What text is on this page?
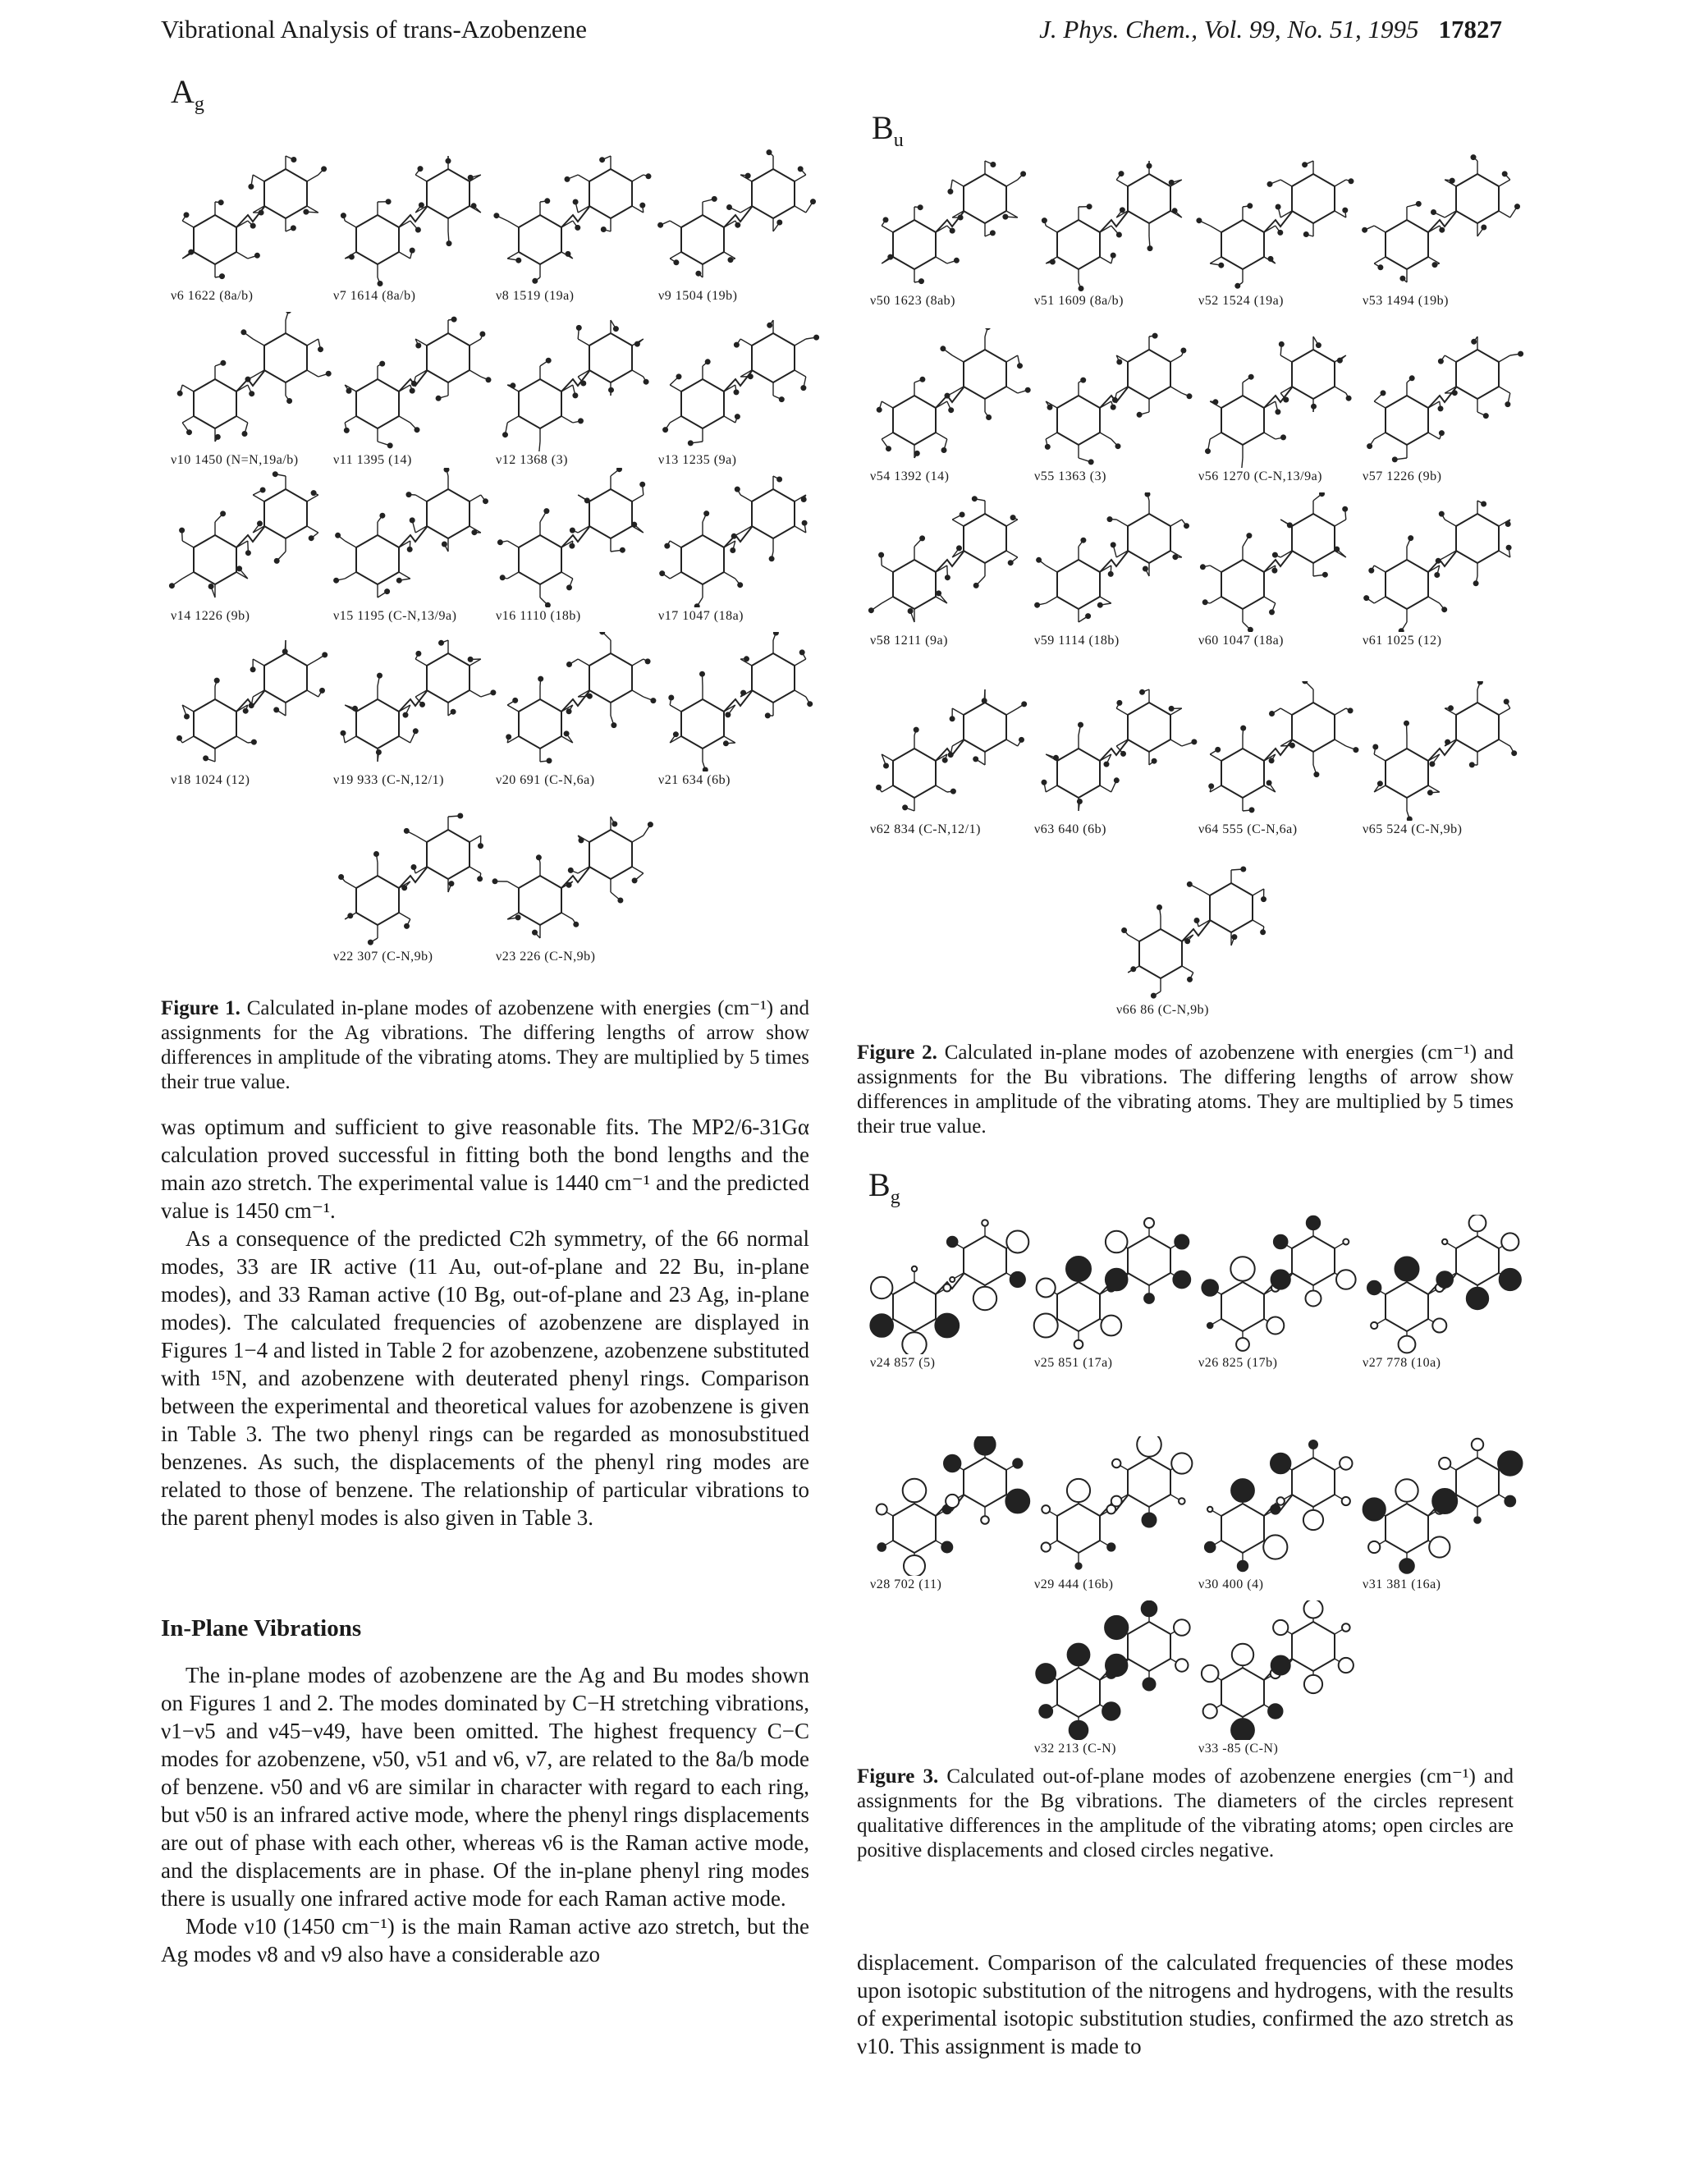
Vibrational Analysis of trans-Azobenzene	J. Phys. Chem., Vol. 99, No. 51, 1995 17827
$A_g$
ν6 1622 (8a/b)	ν7 1614 (8a/b)	ν8 1519 (19a)	ν9 1504 (19b)
ν10 1450 (N=N,19a/b)	ν11 1395 (14)	ν12 1368 (3)	ν13 1235 (9a)
ν14 1226 (9b)	ν15 1195 (C-N,13/9a)	ν16 1110 (18b)	ν17 1047 (18a)
ν18 1024 (12)	ν19 933 (C-N,12/1)	ν20 691 (C-N,6a)	ν21 634 (6b)
ν22 307 (C-N,9b)	ν23 226 (C-N,9b)
Figure 1. Calculated in-plane modes of azobenzene with energies (cm⁻¹) and assignments for the Ag vibrations. The differing lengths of arrow show differences in amplitude of the vibrating atoms. They are multiplied by 5 times their true value.
$B_u$
ν50 1623 (8ab)	ν51 1609 (8a/b)	ν52 1524 (19a)	ν53 1494 (19b)
ν54 1392 (14)	ν55 1363 (3)	ν56 1270 (C-N,13/9a)	ν57 1226 (9b)
ν58 1211 (9a)	ν59 1114 (18b)	ν60 1047 (18a)	ν61 1025 (12)
ν62 834 (C-N,12/1)	ν63 640 (6b)	ν64 555 (C-N,6a)	ν65 524 (C-N,9b)
ν66 86 (C-N,9b)
Figure 2. Calculated in-plane modes of azobenzene with energies (cm⁻¹) and assignments for the Bu vibrations. The differing lengths of arrow show differences in amplitude of the vibrating atoms. They are multiplied by 5 times their true value.
$B_g$
ν24 857 (5)	ν25 851 (17a)	ν26 825 (17b)	ν27 778 (10a)
ν28 702 (11)	ν29 444 (16b)	ν30 400 (4)	ν31 381 (16a)
ν32 213 (C-N)	ν33 -85 (C-N)
Figure 3. Calculated out-of-plane modes of azobenzene energies (cm⁻¹) and assignments for the Bg vibrations. The diameters of the circles represent qualitative differences in the amplitude of the vibrating atoms; open circles are positive displacements and closed circles negative.

was optimum and sufficient to give reasonable fits. The MP2/6-31Gα calculation proved successful in fitting both the bond lengths and the main azo stretch. The experimental value is 1440 cm⁻¹ and the predicted value is 1450 cm⁻¹.

As a consequence of the predicted C2h symmetry, of the 66 normal modes, 33 are IR active (11 Au, out-of-plane and 22 Bu, in-plane modes), and 33 Raman active (10 Bg, out-of-plane and 23 Ag, in-plane modes). The calculated frequencies of azobenzene are displayed in Figures 1−4 and listed in Table 2 for azobenzene, azobenzene substituted with ¹⁵N, and azobenzene with deuterated phenyl rings. Comparison between the experimental and theoretical values for azobenzene is given in Table 3. The two phenyl rings can be regarded as monosubstitued benzenes. As such, the displacements of the phenyl ring modes are related to those of benzene. The relationship of particular vibrations to the parent phenyl modes is also given in Table 3.

In-Plane Vibrations

The in-plane modes of azobenzene are the Ag and Bu modes shown on Figures 1 and 2. The modes dominated by C−H stretching vibrations, ν1−ν5 and ν45−ν49, have been omitted. The highest frequency C−C modes for azobenzene, ν50, ν51 and ν6, ν7, are related to the 8a/b mode of benzene. ν50 and ν6 are similar in character with regard to each ring, but ν50 is an infrared active mode, where the phenyl rings displacements are out of phase with each other, whereas ν6 is the Raman active mode, and the displacements are in phase. Of the in-plane phenyl ring modes there is usually one infrared active mode for each Raman active mode.

Mode ν10 (1450 cm⁻¹) is the main Raman active azo stretch, but the Ag modes ν8 and ν9 also have a considerable azo	displacement. Comparison of the calculated frequencies of these modes upon isotopic substitution of the nitrogens and hydrogens, with the results of experimental isotopic substitution studies, confirmed the azo stretch as ν10. This assignment is made to
